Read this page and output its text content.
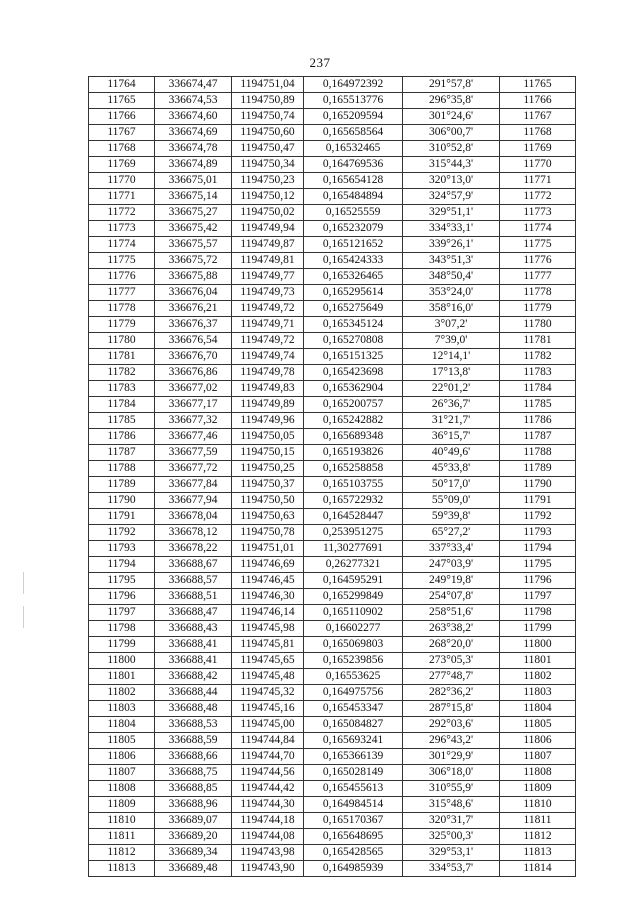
237
11764	336674,47	1194751,04	0,164972392	291°57,8'	11765
11765	336674,53	1194750,89	0,165513776	296°35,8'	11766
11766	336674,60	1194750,74	0,165209594	301°24,6'	11767
11767	336674,69	1194750,60	0,165658564	306°00,7'	11768
11768	336674,78	1194750,47	0,16532465	310°52,8'	11769
11769	336674,89	1194750,34	0,164769536	315°44,3'	11770
11770	336675,01	1194750,23	0,165654128	320°13,0'	11771
11771	336675,14	1194750,12	0,165484894	324°57,9'	11772
11772	336675,27	1194750,02	0,16525559	329°51,1'	11773
11773	336675,42	1194749,94	0,165232079	334°33,1'	11774
11774	336675,57	1194749,87	0,165121652	339°26,1'	11775
11775	336675,72	1194749,81	0,165424333	343°51,3'	11776
11776	336675,88	1194749,77	0,165326465	348°50,4'	11777
11777	336676,04	1194749,73	0,165295614	353°24,0'	11778
11778	336676,21	1194749,72	0,165275649	358°16,0'	11779
11779	336676,37	1194749,71	0,165345124	3°07,2'	11780
11780	336676,54	1194749,72	0,165270808	7°39,0'	11781
11781	336676,70	1194749,74	0,165151325	12°14,1'	11782
11782	336676,86	1194749,78	0,165423698	17°13,8'	11783
11783	336677,02	1194749,83	0,165362904	22°01,2'	11784
11784	336677,17	1194749,89	0,165200757	26°36,7'	11785
11785	336677,32	1194749,96	0,165242882	31°21,7'	11786
11786	336677,46	1194750,05	0,165689348	36°15,7'	11787
11787	336677,59	1194750,15	0,165193826	40°49,6'	11788
11788	336677,72	1194750,25	0,165258858	45°33,8'	11789
11789	336677,84	1194750,37	0,165103755	50°17,0'	11790
11790	336677,94	1194750,50	0,165722932	55°09,0'	11791
11791	336678,04	1194750,63	0,164528447	59°39,8'	11792
11792	336678,12	1194750,78	0,253951275	65°27,2'	11793
11793	336678,22	1194751,01	11,30277691	337°33,4'	11794
11794	336688,67	1194746,69	0,26277321	247°03,9'	11795
11795	336688,57	1194746,45	0,164595291	249°19,8'	11796
11796	336688,51	1194746,30	0,165299849	254°07,8'	11797
11797	336688,47	1194746,14	0,165110902	258°51,6'	11798
11798	336688,43	1194745,98	0,16602277	263°38,2'	11799
11799	336688,41	1194745,81	0,165069803	268°20,0'	11800
11800	336688,41	1194745,65	0,165239856	273°05,3'	11801
11801	336688,42	1194745,48	0,16553625	277°48,7'	11802
11802	336688,44	1194745,32	0,164975756	282°36,2'	11803
11803	336688,48	1194745,16	0,165453347	287°15,8'	11804
11804	336688,53	1194745,00	0,165084827	292°03,6'	11805
11805	336688,59	1194744,84	0,165693241	296°43,2'	11806
11806	336688,66	1194744,70	0,165366139	301°29,9'	11807
11807	336688,75	1194744,56	0,165028149	306°18,0'	11808
11808	336688,85	1194744,42	0,165455613	310°55,9'	11809
11809	336688,96	1194744,30	0,164984514	315°48,6'	11810
11810	336689,07	1194744,18	0,165170367	320°31,7'	11811
11811	336689,20	1194744,08	0,165648695	325°00,3'	11812
11812	336689,34	1194743,98	0,165428565	329°53,1'	11813
11813	336689,48	1194743,90	0,164985939	334°53,7'	11814
